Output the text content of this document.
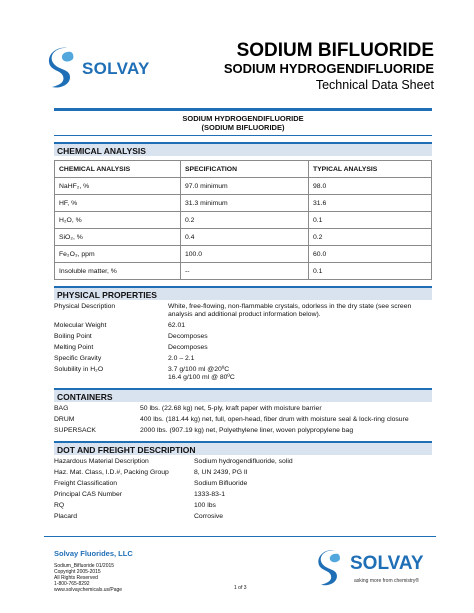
SOLVAY
SODIUM BIFLUORIDE
SODIUM HYDROGENDIFLUORIDE
Technical Data Sheet
SODIUM HYDROGENDIFLUORIDE
(SODIUM BIFLUORIDE)
CHEMICAL ANALYSIS
CHEMICAL ANALYSIS	SPECIFICATION	TYPICAL ANALYSIS
NaHF₂, %	97.0 minimum	98.0
HF, %	31.3 minimum	31.6
H₂O, %	0.2	0.1
SiO₂, %	0.4	0.2
Fe₂O₃, ppm	100.0	60.0
Insoluble matter, %	--	0.1
PHYSICAL PROPERTIES
Physical Description	White, free-flowing, non-flammable crystals, odorless in the dry state (see screen analysis and additional product information below).
Molecular Weight	62.01
Boiling Point	Decomposes
Melting Point	Decomposes
Specific Gravity	2.0 – 2.1
Solubility in H₂O	3.7 g/100 ml @20ºC
16.4 g/100 ml @ 80ºC
CONTAINERS
BAG	50 lbs. (22.68 kg) net, 5-ply, kraft paper with moisture barrier
DRUM	400 lbs. (181.44 kg) net, full, open-head, fiber drum with moisture seal & lock-ring closure
SUPERSACK	2000 lbs. (907.19 kg) net, Polyethylene liner, woven polypropylene bag
DOT AND FREIGHT DESCRIPTION
Hazardous Material Description	Sodium hydrogendifluoride, solid
Haz. Mat. Class, I.D.#, Packing Group	8, UN 2439, PG II
Freight Classification	Sodium Bifluoride
Principal CAS Number	1333-83-1
RQ	100 lbs
Placard	Corrosive
Solvay Fluorides, LLC
Sodium_Bifluoride 01/2015
Copyright 2005-2015
All Rights Reserved
1-800-765-8292
www.solvaychemicals.us/Page	1 of 3
SOLVAY
asking more from chemistry®
